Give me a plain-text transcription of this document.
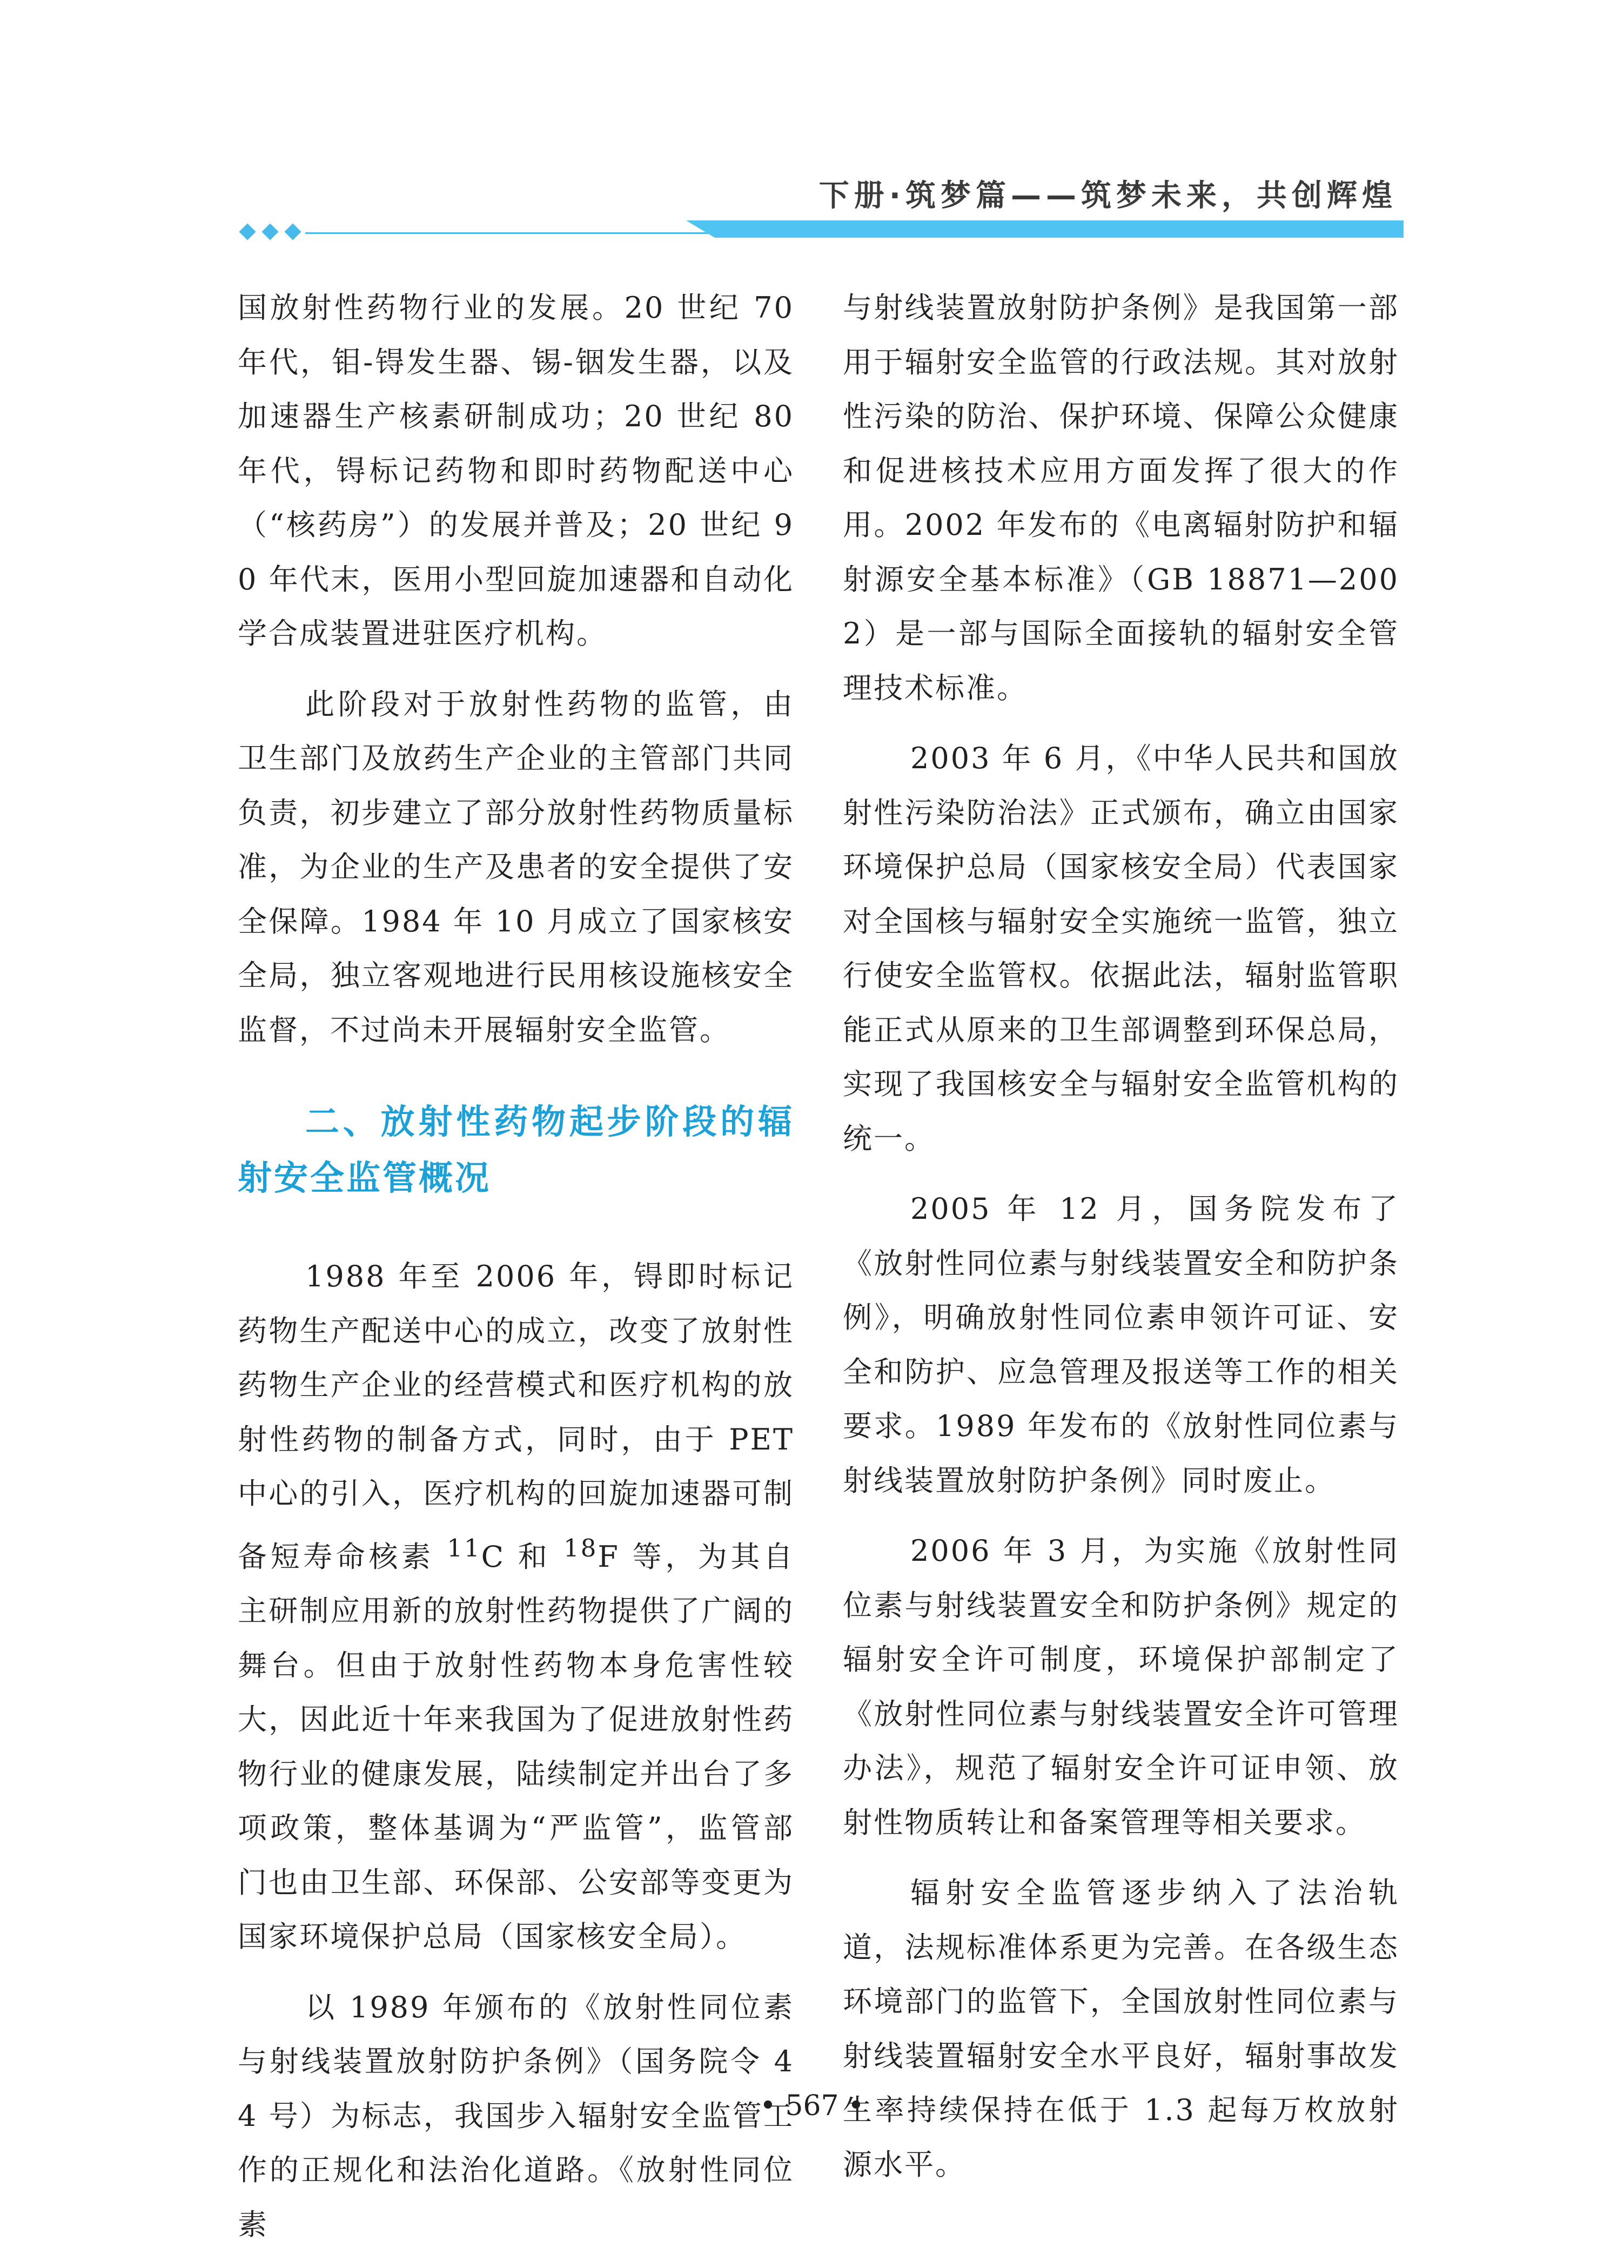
下册·筑梦篇——筑梦未来，共创辉煌

国放射性药物行业的发展。20 世纪 70 年代，钼-锝发生器、锡-铟发生器，以及加速器生产核素研制成功；20 世纪 80 年代，锝标记药物和即时药物配送中心（“核药房”）的发展并普及；20 世纪 90 年代末，医用小型回旋加速器和自动化学合成装置进驻医疗机构。

此阶段对于放射性药物的监管，由卫生部门及放药生产企业的主管部门共同负责，初步建立了部分放射性药物质量标准，为企业的生产及患者的安全提供了安全保障。1984 年 10 月成立了国家核安全局，独立客观地进行民用核设施核安全监督，不过尚未开展辐射安全监管。

二、放射性药物起步阶段的辐射安全监管概况

1988 年至 2006 年，锝即时标记药物生产配送中心的成立，改变了放射性药物生产企业的经营模式和医疗机构的放射性药物的制备方式，同时，由于 PET 中心的引入，医疗机构的回旋加速器可制备短寿命核素 $^{11}$C 和 $^{18}$F 等，为其自主研制应用新的放射性药物提供了广阔的舞台。但由于放射性药物本身危害性较大，因此近十年来我国为了促进放射性药物行业的健康发展，陆续制定并出台了多项政策，整体基调为“严监管”，监管部门也由卫生部、环保部、公安部等变更为国家环境保护总局（国家核安全局）。

以 1989 年颁布的《放射性同位素与射线装置放射防护条例》（国务院令 44 号）为标志，我国步入辐射安全监管工作的正规化和法治化道路。《放射性同位素

与射线装置放射防护条例》是我国第一部用于辐射安全监管的行政法规。其对放射性污染的防治、保护环境、保障公众健康和促进核技术应用方面发挥了很大的作用。2002 年发布的《电离辐射防护和辐射源安全基本标准》（GB 18871—2002）是一部与国际全面接轨的辐射安全管理技术标准。

2003 年 6 月，《中华人民共和国放射性污染防治法》正式颁布，确立由国家环境保护总局（国家核安全局）代表国家对全国核与辐射安全实施统一监管，独立行使安全监管权。依据此法，辐射监管职能正式从原来的卫生部调整到环保总局，实现了我国核安全与辐射安全监管机构的统一。

2005 年 12 月，国务院发布了《放射性同位素与射线装置安全和防护条例》，明确放射性同位素申领许可证、安全和防护、应急管理及报送等工作的相关要求。1989 年发布的《放射性同位素与射线装置放射防护条例》同时废止。

2006 年 3 月，为实施《放射性同位素与射线装置安全和防护条例》规定的辐射安全许可制度，环境保护部制定了《放射性同位素与射线装置安全许可管理办法》，规范了辐射安全许可证申领、放射性物质转让和备案管理等相关要求。

辐射安全监管逐步纳入了法治轨道，法规标准体系更为完善。在各级生态环境部门的监管下，全国放射性同位素与射线装置辐射安全水平良好，辐射事故发生率持续保持在低于 1.3 起每万枚放射源水平。

• 567 •
